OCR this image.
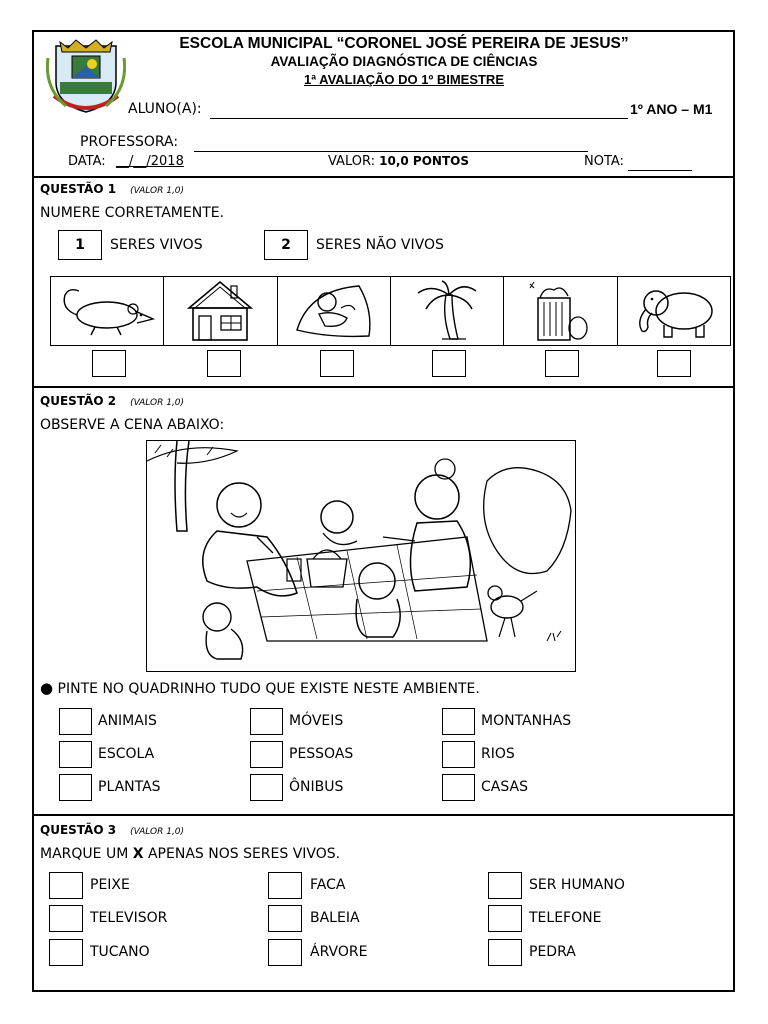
ESCOLA MUNICIPAL “CORONEL JOSÉ PEREIRA DE JESUS”
AVALIAÇÃO DIAGNÓSTICA DE CIÊNCIAS
1ª AVALIAÇÃO DO 1º BIMESTRE
ALUNO(A):	1º ANO – M1
PROFESSORA:
DATA: __/__/2018	VALOR: 10,0 PONTOS	NOTA:
QUESTÃO 1 (VALOR 1,0)
NUMERE CORRETAMENTE.
1 SERES VIVOS	2 SERES NÃO VIVOS
QUESTÃO 2 (VALOR 1,0)
OBSERVE A CENA ABAIXO:
● PINTE NO QUADRINHO TUDO QUE EXISTE NESTE AMBIENTE.
ANIMAIS	MÓVEIS	MONTANHAS
ESCOLA	PESSOAS	RIOS
PLANTAS	ÔNIBUS	CASAS
QUESTÃO 3 (VALOR 1,0)
MARQUE UM X APENAS NOS SERES VIVOS.
PEIXE	FACA	SER HUMANO
TELEVISOR	BALEIA	TELEFONE
TUCANO	ÁRVORE	PEDRA
